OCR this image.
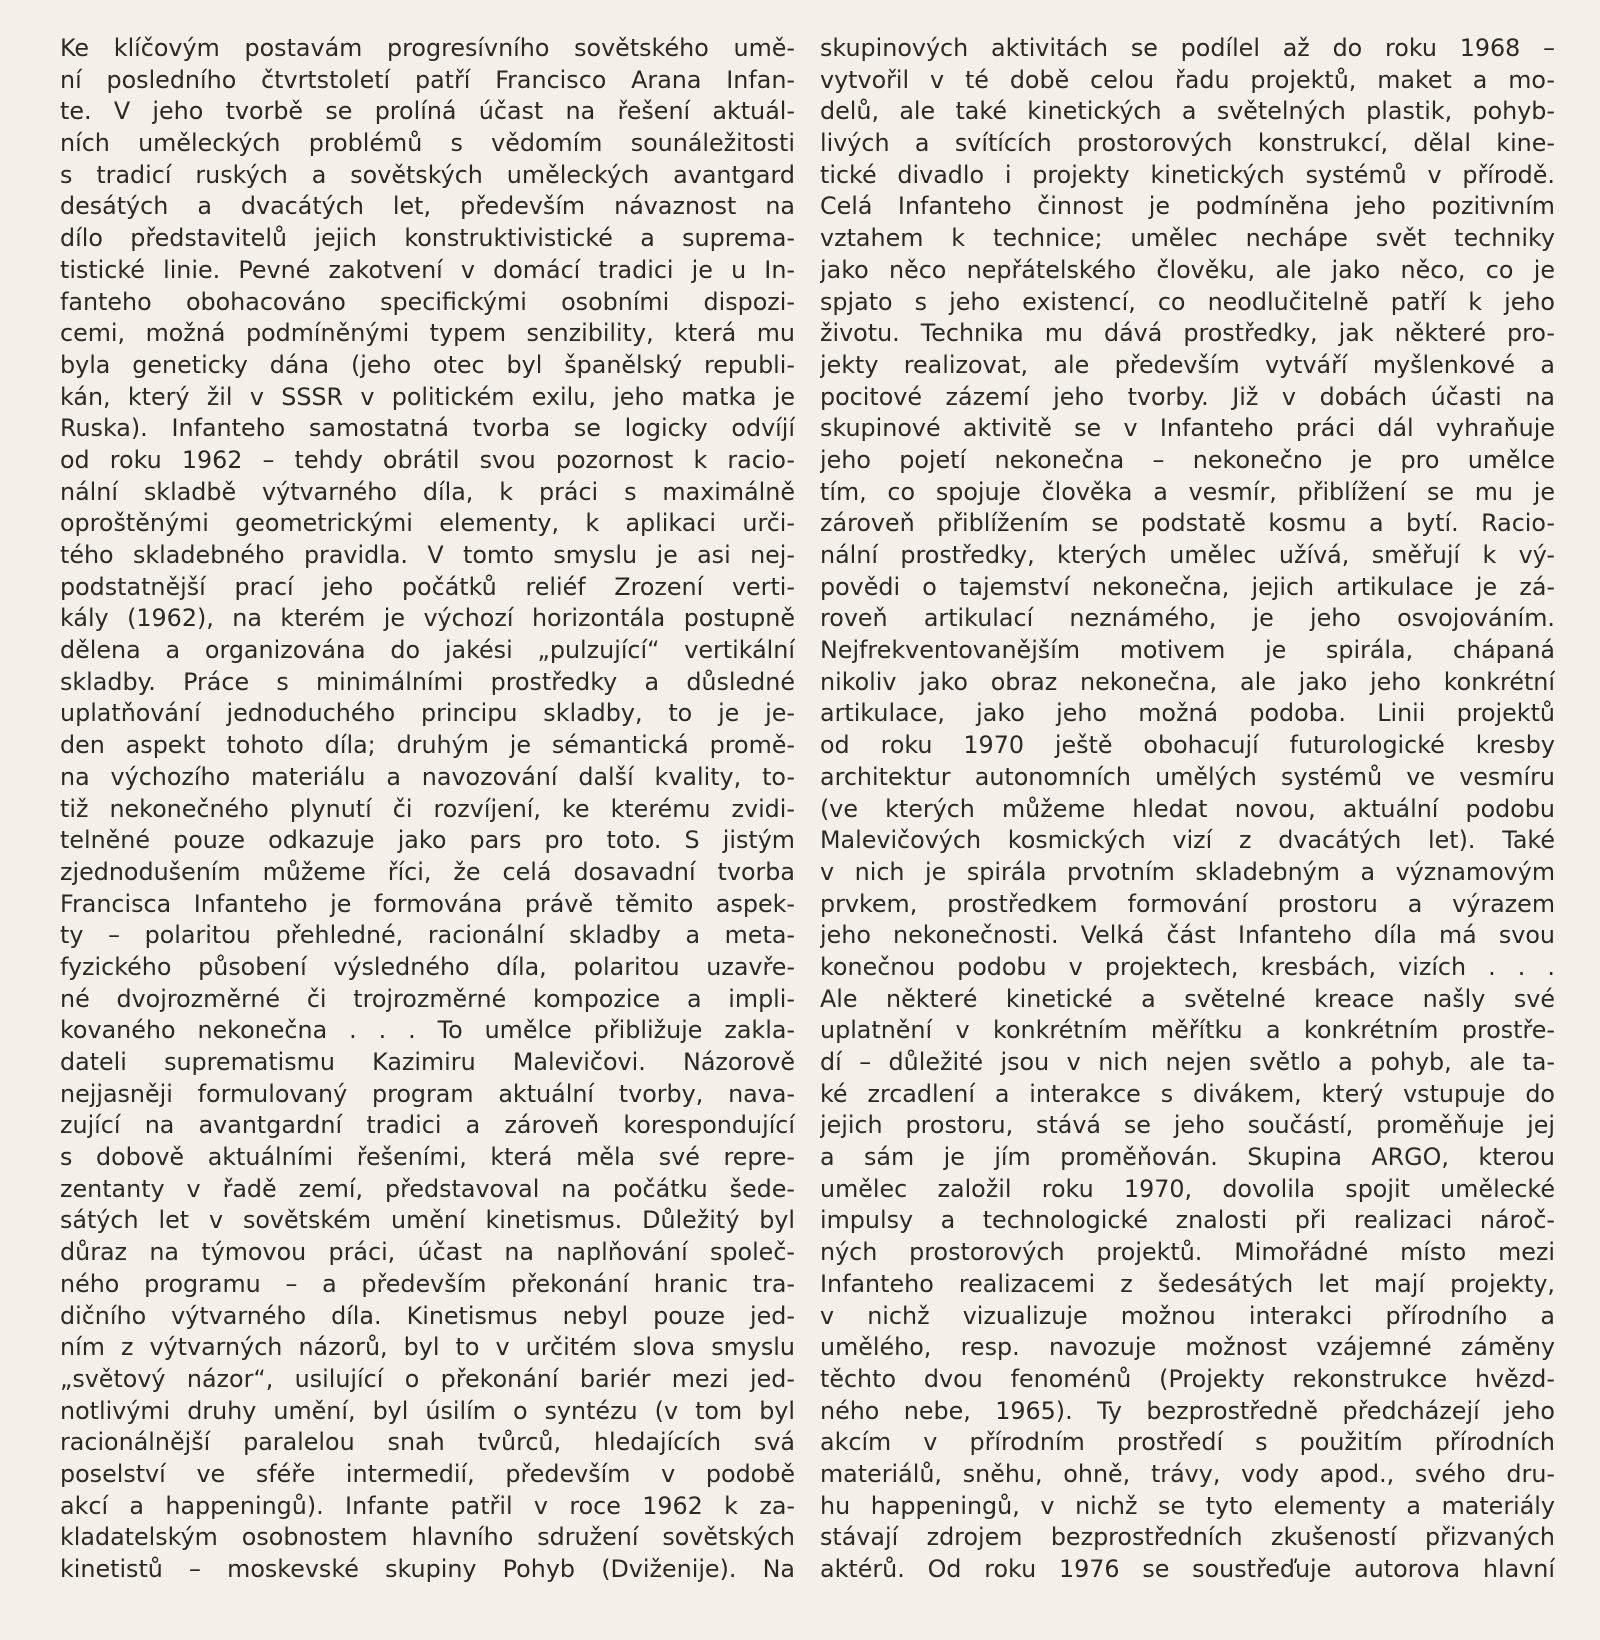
Ke klíčovým postavám progresívního sovětského umě-
ní posledního čtvrtstoletí patří Francisco Arana Infan-
te. V jeho tvorbě se prolíná účast na řešení aktuál-
ních uměleckých problémů s vědomím sounáležitosti
s tradicí ruských a sovětských uměleckých avantgard
desátých a dvacátých let, především návaznost na
dílo představitelů jejich konstruktivistické a suprema-
tistické linie. Pevné zakotvení v domácí tradici je u In-
fanteho obohacováno specifickými osobními dispozi-
cemi, možná podmíněnými typem senzibility, která mu
byla geneticky dána (jeho otec byl španělský republi-
kán, který žil v SSSR v politickém exilu, jeho matka je
Ruska). Infanteho samostatná tvorba se logicky odvíjí
od roku 1962 – tehdy obrátil svou pozornost k racio-
nální skladbě výtvarného díla, k práci s maximálně
oproštěnými geometrickými elementy, k aplikaci urči-
tého skladebného pravidla. V tomto smyslu je asi nej-
podstatnější prací jeho počátků reliéf Zrození verti-
kály (1962), na kterém je výchozí horizontála postupně
dělena a organizována do jakési „pulzující“ vertikální
skladby. Práce s minimálními prostředky a důsledné
uplatňování jednoduchého principu skladby, to je je-
den aspekt tohoto díla; druhým je sémantická promě-
na výchozího materiálu a navozování další kvality, to-
tiž nekonečného plynutí či rozvíjení, ke kterému zvidi-
telněné pouze odkazuje jako pars pro toto. S jistým
zjednodušením můžeme říci, že celá dosavadní tvorba
Francisca Infanteho je formována právě těmito aspek-
ty – polaritou přehledné, racionální skladby a meta-
fyzického působení výsledného díla, polaritou uzavře-
né dvojrozměrné či trojrozměrné kompozice a impli-
kovaného nekonečna . . . To umělce přibližuje zakla-
dateli suprematismu Kazimiru Malevičovi. Názorově
nejjasněji formulovaný program aktuální tvorby, nava-
zující na avantgardní tradici a zároveň korespondující
s dobově aktuálními řešeními, která měla své repre-
zentanty v řadě zemí, představoval na počátku šede-
sátých let v sovětském umění kinetismus. Důležitý byl
důraz na týmovou práci, účast na naplňování společ-
ného programu – a především překonání hranic tra-
dičního výtvarného díla. Kinetismus nebyl pouze jed-
ním z výtvarných názorů, byl to v určitém slova smyslu
„světový názor“, usilující o překonání bariér mezi jed-
notlivými druhy umění, byl úsilím o syntézu (v tom byl
racionálnější paralelou snah tvůrců, hledajících svá
poselství ve sféře intermedií, především v podobě
akcí a happeningů). Infante patřil v roce 1962 k za-
kladatelským osobnostem hlavního sdružení sovětských
kinetistů – moskevské skupiny Pohyb (Dviženije). Na
skupinových aktivitách se podílel až do roku 1968 –
vytvořil v té době celou řadu projektů, maket a mo-
delů, ale také kinetických a světelných plastik, pohyb-
livých a svítících prostorových konstrukcí, dělal kine-
tické divadlo i projekty kinetických systémů v přírodě.
Celá Infanteho činnost je podmíněna jeho pozitivním
vztahem k technice; umělec nechápe svět techniky
jako něco nepřátelského člověku, ale jako něco, co je
spjato s jeho existencí, co neodlučitelně patří k jeho
životu. Technika mu dává prostředky, jak některé pro-
jekty realizovat, ale především vytváří myšlenkové a
pocitové zázemí jeho tvorby. Již v dobách účasti na
skupinové aktivitě se v Infanteho práci dál vyhraňuje
jeho pojetí nekonečna – nekonečno je pro umělce
tím, co spojuje člověka a vesmír, přiblížení se mu je
zároveň přiblížením se podstatě kosmu a bytí. Racio-
nální prostředky, kterých umělec užívá, směřují k vý-
povědi o tajemství nekonečna, jejich artikulace je zá-
roveň artikulací neznámého, je jeho osvojováním.
Nejfrekventovanějším motivem je spirála, chápaná
nikoliv jako obraz nekonečna, ale jako jeho konkrétní
artikulace, jako jeho možná podoba. Linii projektů
od roku 1970 ještě obohacují futurologické kresby
architektur autonomních umělých systémů ve vesmíru
(ve kterých můžeme hledat novou, aktuální podobu
Malevičových kosmických vizí z dvacátých let). Také
v nich je spirála prvotním skladebným a významovým
prvkem, prostředkem formování prostoru a výrazem
jeho nekonečnosti. Velká část Infanteho díla má svou
konečnou podobu v projektech, kresbách, vizích . . .
Ale některé kinetické a světelné kreace našly své
uplatnění v konkrétním měřítku a konkrétním prostře-
dí – důležité jsou v nich nejen světlo a pohyb, ale ta-
ké zrcadlení a interakce s divákem, který vstupuje do
jejich prostoru, stává se jeho součástí, proměňuje jej
a sám je jím proměňován. Skupina ARGO, kterou
umělec založil roku 1970, dovolila spojit umělecké
impulsy a technologické znalosti při realizaci nároč-
ných prostorových projektů. Mimořádné místo mezi
Infanteho realizacemi z šedesátých let mají projekty,
v nichž vizualizuje možnou interakci přírodního a
umělého, resp. navozuje možnost vzájemné záměny
těchto dvou fenoménů (Projekty rekonstrukce hvězd-
ného nebe, 1965). Ty bezprostředně předcházejí jeho
akcím v přírodním prostředí s použitím přírodních
materiálů, sněhu, ohně, trávy, vody apod., svého dru-
hu happeningů, v nichž se tyto elementy a materiály
stávají zdrojem bezprostředních zkušeností přizvaných
aktérů. Od roku 1976 se soustřeďuje autorova hlavní
